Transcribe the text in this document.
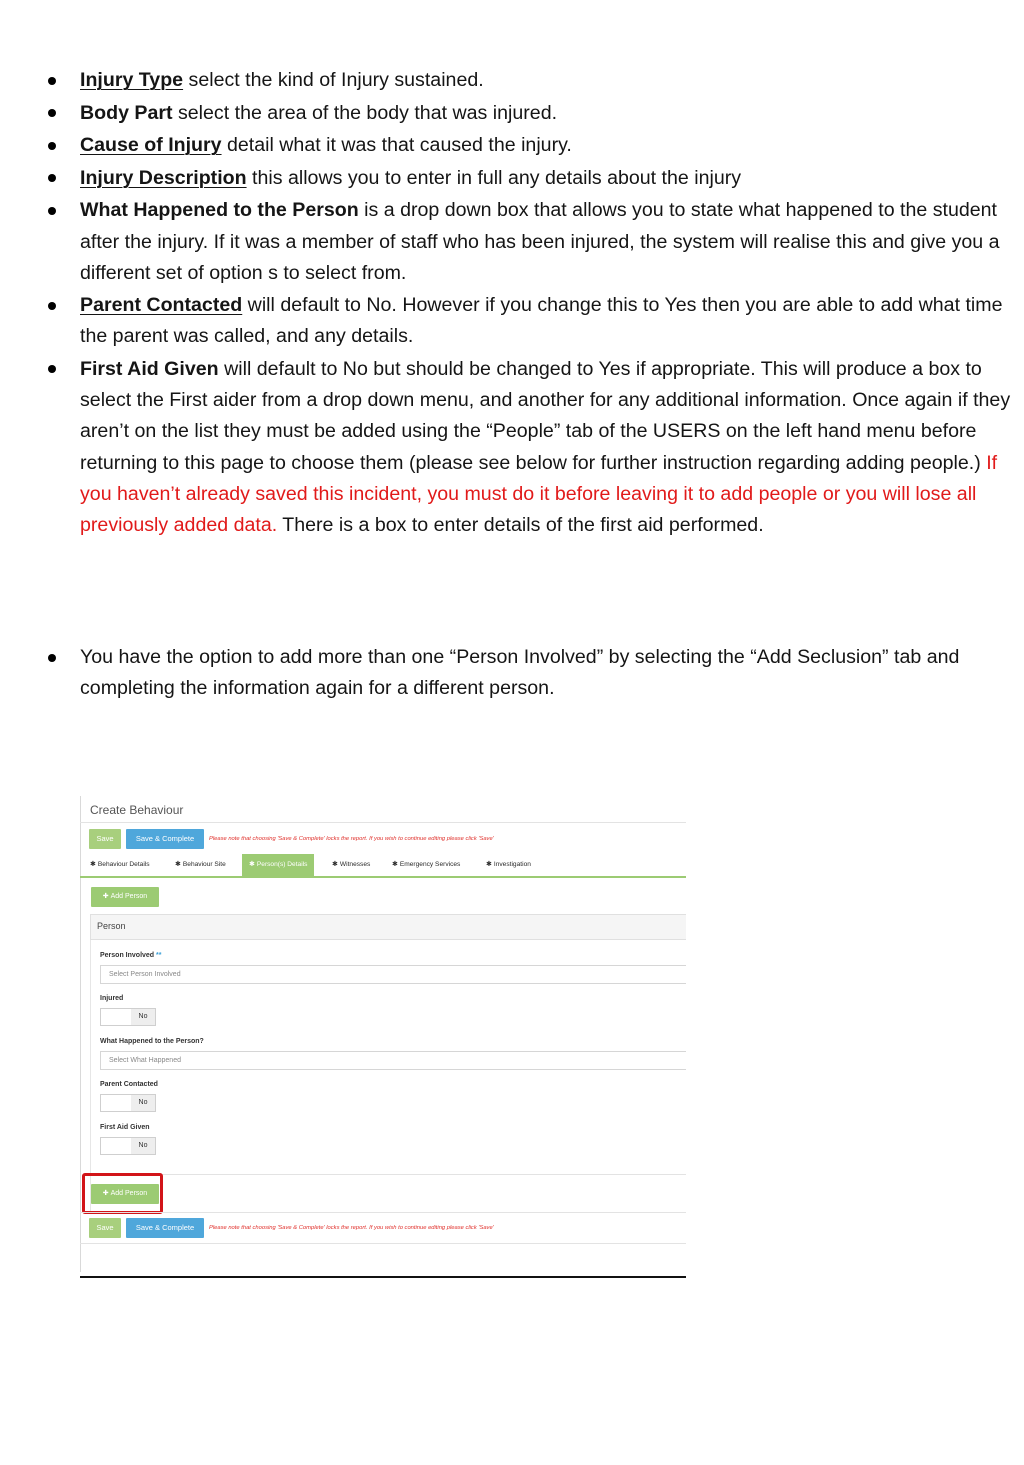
Injury Type select the kind of Injury sustained.
Body Part select the area of the body that was injured.
Cause of Injury detail what it was that caused the injury.
Injury Description this allows you to enter in full any details about the injury
What Happened to the Person is a drop down box that allows you to state what happened to the student after the injury. If it was a member of staff who has been injured, the system will realise this and give you a different set of option s to select from.
Parent Contacted will default to No. However if you change this to Yes then you are able to add what time the parent was called, and any details.
First Aid Given will default to No but should be changed to Yes if appropriate. This will produce a box to select the First aider from a drop down menu, and another for any additional information. Once again if they aren’t on the list they must be added using the “People” tab of the USERS on the left hand menu before returning to this page to choose them (please see below for further instruction regarding adding people.) If you haven’t already saved this incident, you must do it before leaving it to add people or you will lose all previously added data. There is a box to enter details of the first aid performed.
You have the option to add more than one “Person Involved” by selecting the “Add Seclusion” tab and completing the information again for a different person.
Create Behaviour
Save	Save & Complete	Please note that choosing 'Save & Complete' locks the report. If you wish to continue editing please click 'Save'
✱ Behaviour Details	✱ Behaviour Site	✱ Person(s) Details	✱ Witnesses	✱ Emergency Services	✱ Investigation
✚ Add Person
Person
Person Involved **
Select Person Involved
Injured
No
What Happened to the Person?
Select What Happened
Parent Contacted
No
First Aid Given
No
✚ Add Person
Save	Save & Complete	Please note that choosing 'Save & Complete' locks the report. If you wish to continue editing please click 'Save'
